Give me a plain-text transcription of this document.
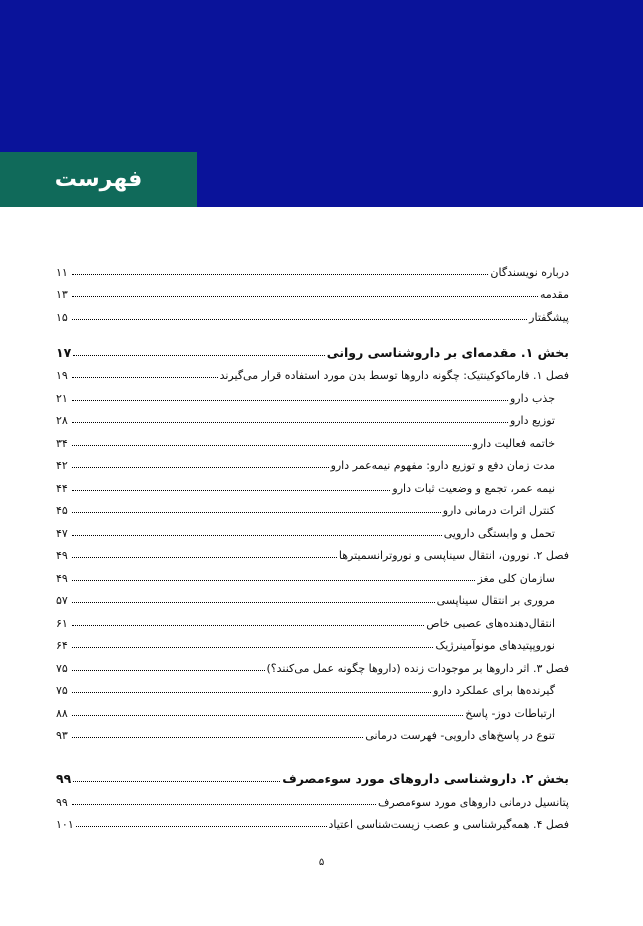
فهرست
درباره نویسندگان
۱۱
مقدمه
۱۳
پیشگفتار
۱۵
بخش ۱. مقدمه‌ای بر داروشناسی روانی
۱۷
فصل ۱. فارماکوکینتیک: چگونه داروها توسط بدن مورد استفاده قرار می‌گیرند
۱۹
جذب دارو
۲۱
توزیع دارو
۲۸
خاتمه فعالیت دارو
۳۴
مدت زمان دفع و توزیع دارو: مفهوم نیمه‌عمر دارو
۴۲
نیمه عمر، تجمع و وضعیت ثبات دارو
۴۴
کنترل اثرات درمانی دارو
۴۵
تحمل و وابستگی دارویی
۴۷
فصل ۲. نورون، انتقال سیناپسی و نوروترانسمیترها
۴۹
سازمان کلی مغز
۴۹
مروری بر انتقال سیناپسی
۵۷
انتقال‌دهنده‌های عصبی خاص
۶۱
نوروپپتیدهای مونوآمینرژیک
۶۴
فصل ۳. اثر داروها بر موجودات زنده (داروها چگونه عمل می‌کنند؟)
۷۵
گیرنده‌ها برای عملکرد دارو
۷۵
ارتباطات دوز- پاسخ
۸۸
تنوع در پاسخ‌های دارویی- فهرست درمانی
۹۳
بخش ۲. داروشناسی داروهای مورد سوءمصرف
۹۹
پتانسیل درمانی داروهای مورد سوءمصرف
۹۹
فصل ۴. همه‌گیرشناسی و عصب زیست‌شناسی اعتیاد
۱۰۱
۵
